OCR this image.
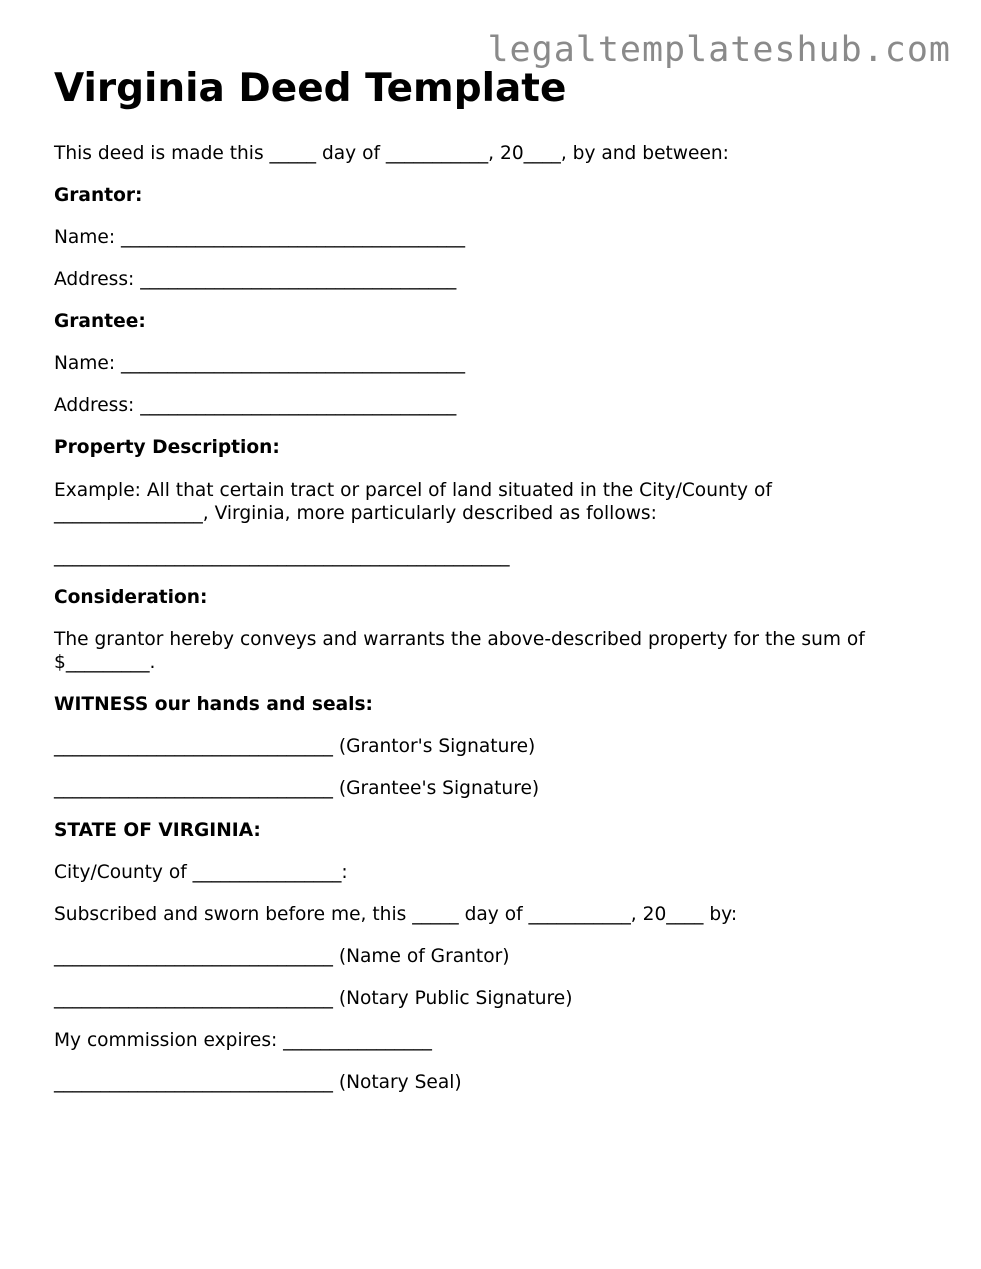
legaltemplateshub.com
Virginia Deed Template
This deed is made this _____ day of ___________, 20____, by and between:
Grantor:
Name: _____________________________________
Address: __________________________________
Grantee:
Name: _____________________________________
Address: __________________________________
Property Description:
Example: All that certain tract or parcel of land situated in the City/County of
________________, Virginia, more particularly described as follows:
_________________________________________________
Consideration:
The grantor hereby conveys and warrants the above-described property for the sum of
$_________.
WITNESS our hands and seals:
______________________________ (Grantor's Signature)
______________________________ (Grantee's Signature)
STATE OF VIRGINIA:
City/County of ________________:
Subscribed and sworn before me, this _____ day of ___________, 20____ by:
______________________________ (Name of Grantor)
______________________________ (Notary Public Signature)
My commission expires: ________________
______________________________ (Notary Seal)
